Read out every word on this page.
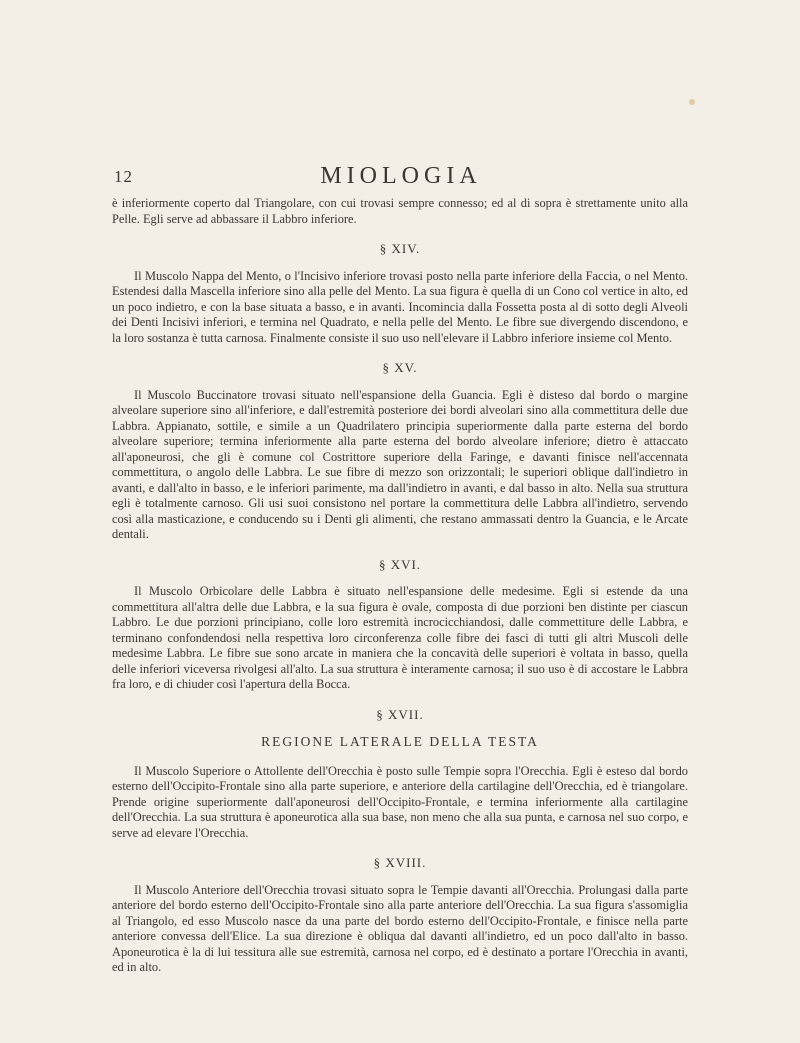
12	MIOLOGIA

è inferiormente coperto dal Triangolare, con cui trovasi sempre connesso; ed al di sopra è strettamente unito alla Pelle. Egli serve ad abbassare il Labbro inferiore.

§ XIV.

Il Muscolo Nappa del Mento, o l'Incisivo inferiore trovasi posto nella parte inferiore della Faccia, o nel Mento. Estendesi dalla Mascella inferiore sino alla pelle del Mento. La sua figura è quella di un Cono col vertice in alto, ed un poco indietro, e con la base situata a basso, e in avanti. Incomincia dalla Fossetta posta al di sotto degli Alveoli dei Denti Incisivi inferiori, e termina nel Quadrato, e nella pelle del Mento. Le fibre sue divergendo discendono, e la loro sostanza è tutta carnosa. Finalmente consiste il suo uso nell'elevare il Labbro inferiore insieme col Mento.

§ XV.

Il Muscolo Buccinatore trovasi situato nell'espansione della Guancia. Egli è disteso dal bordo o margine alveolare superiore sino all'inferiore, e dall'estremità posteriore dei bordi alveolari sino alla commettitura delle due Labbra. Appianato, sottile, e simile a un Quadrilatero principia superiormente dalla parte esterna del bordo alveolare superiore; termina inferiormente alla parte esterna del bordo alveolare inferiore; dietro è attaccato all'aponeurosi, che gli è comune col Costrittore superiore della Faringe, e davanti finisce nell'accennata commettitura, o angolo delle Labbra. Le sue fibre di mezzo son orizzontali; le superiori oblique dall'indietro in avanti, e dall'alto in basso, e le inferiori parimente, ma dall'indietro in avanti, e dal basso in alto. Nella sua struttura egli è totalmente carnoso. Gli usi suoi consistono nel portare la commettitura delle Labbra all'indietro, servendo così alla masticazione, e conducendo su i Denti gli alimenti, che restano ammassati dentro la Guancia, e le Arcate dentali.

§ XVI.

Il Muscolo Orbicolare delle Labbra è situato nell'espansione delle medesime. Egli si estende da una commettitura all'altra delle due Labbra, e la sua figura è ovale, composta di due porzioni ben distinte per ciascun Labbro. Le due porzioni principiano, colle loro estremità incrocicchiandosi, dalle commettiture delle Labbra, e terminano confondendosi nella respettiva loro circonferenza colle fibre dei fasci di tutti gli altri Muscoli delle medesime Labbra. Le fibre sue sono arcate in maniera che la concavità delle superiori è voltata in basso, quella delle inferiori viceversa rivolgesi all'alto. La sua struttura è interamente carnosa; il suo uso è di accostare le Labbra fra loro, e di chiuder così l'apertura della Bocca.

§ XVII.
REGIONE LATERALE DELLA TESTA

Il Muscolo Superiore o Attollente dell'Orecchia è posto sulle Tempie sopra l'Orecchia. Egli è esteso dal bordo esterno dell'Occipito-Frontale sino alla parte superiore, e anteriore della cartilagine dell'Orecchia, ed è triangolare. Prende origine superiormente dall'aponeurosi dell'Occipito-Frontale, e termina inferiormente alla cartilagine dell'Orecchia. La sua struttura è aponeurotica alla sua base, non meno che alla sua punta, e carnosa nel suo corpo, e serve ad elevare l'Orecchia.

§ XVIII.

Il Muscolo Anteriore dell'Orecchia trovasi situato sopra le Tempie davanti all'Orecchia. Prolungasi dalla parte anteriore del bordo esterno dell'Occipito-Frontale sino alla parte anteriore dell'Orecchia. La sua figura s'assomiglia al Triangolo, ed esso Muscolo nasce da una parte del bordo esterno dell'Occipito-Frontale, e finisce nella parte anteriore convessa dell'Elice. La sua direzione è obliqua dal davanti all'indietro, ed un poco dall'alto in basso. Aponeurotica è la di lui tessitura alle sue estremità, carnosa nel corpo, ed è destinato a portare l'Orecchia in avanti, ed in alto.
